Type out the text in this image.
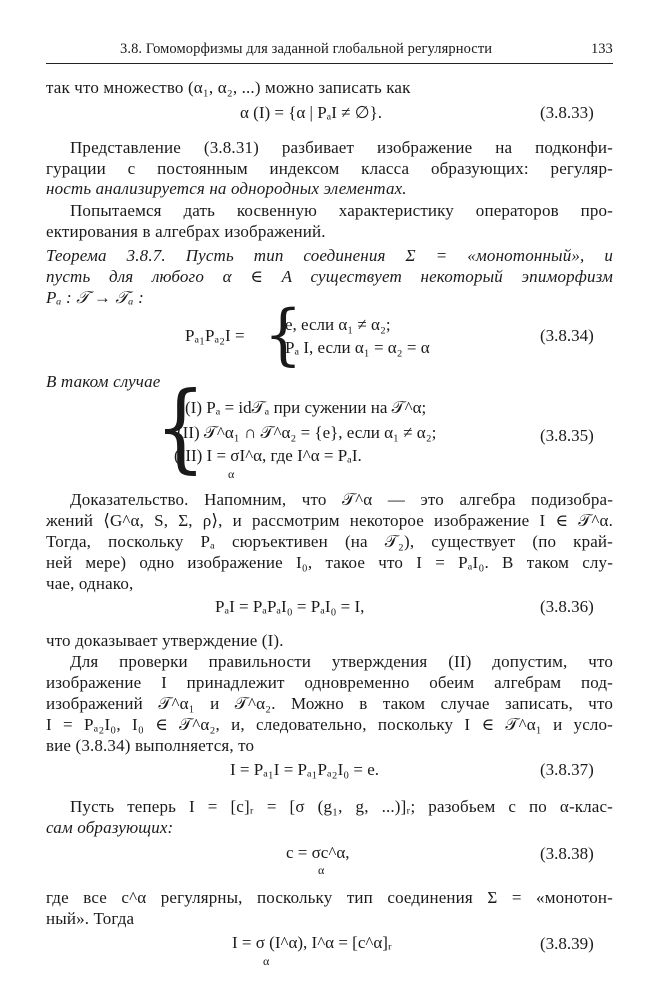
3.8. Гомоморфизмы для заданной глобальной регулярности	133
так что множество (α₁, α₂, ...) можно записать как
α (I) = {α | PₐI ≠ ∅}.	(3.8.33)
Представление (3.8.31) разбивает изображение на подконфи-
гурации с постоянным индексом класса образующих: регуляр-
ность анализируется на однородных элементах.
Попытаемся дать косвенную характеристику операторов про-
ектирования в алгебрах изображений.
Теорема 3.8.7. Пусть тип соединения Σ = «монотонный», и
пусть для любого α ∈ A существует некоторый эпиморфизм
Pₐ : 𝒯 → 𝒯ₐ :
Pₐ₁Pₐ₂I = {
e, если α₁ ≠ α₂;
Pₐ I, если α₁ = α₂ = α
(3.8.34)
В таком случае
{
(I) Pₐ = id𝒯ₐ при сужении на 𝒯^α;
(II) 𝒯^α₁ ∩ 𝒯^α₂ = {e}, если α₁ ≠ α₂;
(III) I = σI^α, где I^α = PₐI.
α
(3.8.35)
Доказательство. Напомним, что 𝒯^α — это алгебра подизобра-
жений ⟨G^α, S, Σ, ρ⟩, и рассмотрим некоторое изображение I ∈ 𝒯^α.
Тогда, поскольку Pₐ сюръективен (на 𝒯₂), существует (по край-
ней мере) одно изображение I₀, такое что I = PₐI₀. В таком слу-
чае, однако,
PₐI = PₐPₐI₀ = PₐI₀ = I,	(3.8.36)
что доказывает утверждение (I).
Для проверки правильности утверждения (II) допустим, что
изображение I принадлежит одновременно обеим алгебрам под-
изображений 𝒯^α₁ и 𝒯^α₂. Можно в таком случае записать, что
I = Pₐ₂I₀, I₀ ∈ 𝒯^α₂, и, следовательно, поскольку I ∈ 𝒯^α₁ и усло-
вие (3.8.34) выполняется, то
I = Pₐ₁I = Pₐ₁Pₐ₂I₀ = e.	(3.8.37)
Пусть теперь I = [c]ᵣ = [σ (g₁, g, ...)]ᵣ; разобьем c по α-клас-
сам образующих:
c = σc^α,
α
(3.8.38)
где все c^α регулярны, поскольку тип соединения Σ = «монотон-
ный». Тогда
I = σ (I^α), I^α = [c^α]ᵣ
α
(3.8.39)
